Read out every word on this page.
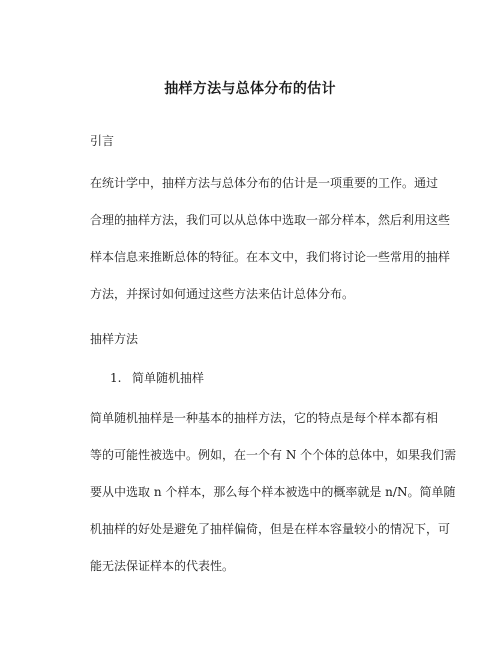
抽样方法与总体分布的估计
引言
在统计学中，抽样方法与总体分布的估计是一项重要的工作。通过
合理的抽样方法，我们可以从总体中选取一部分样本，然后利用这些
样本信息来推断总体的特征。在本文中，我们将讨论一些常用的抽样
方法，并探讨如何通过这些方法来估计总体分布。
抽样方法
1. 简单随机抽样
简单随机抽样是一种基本的抽样方法，它的特点是每个样本都有相
等的可能性被选中。例如，在一个有 N 个个体的总体中，如果我们需
要从中选取 n 个样本，那么每个样本被选中的概率就是 n/N。简单随
机抽样的好处是避免了抽样偏倚，但是在样本容量较小的情况下，可
能无法保证样本的代表性。
